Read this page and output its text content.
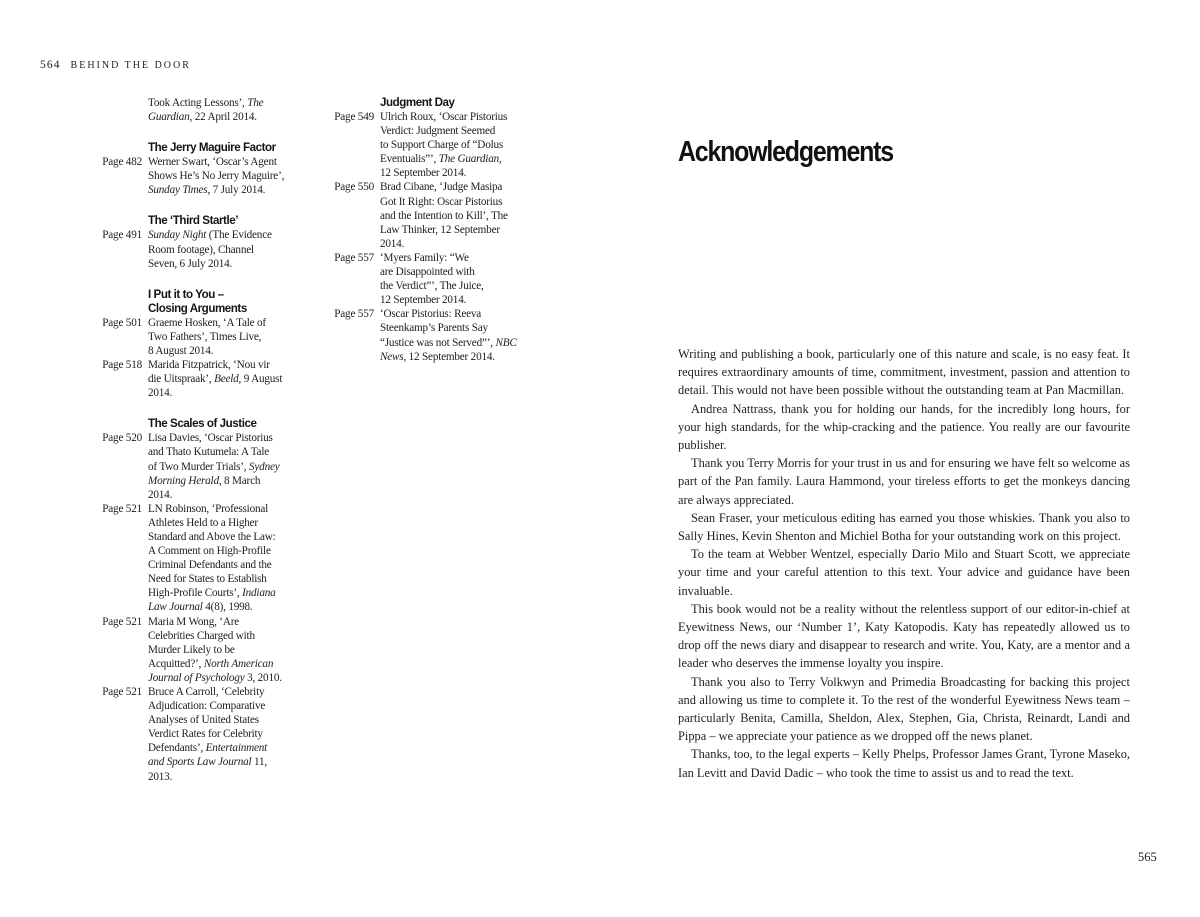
564 BEHIND THE DOOR
Took Acting Lessons’, The
Guardian, 22 April 2014.
The Jerry Maguire Factor
Page 482 Werner Swart, ‘Oscar’s Agent
Shows He’s No Jerry Maguire’,
Sunday Times, 7 July 2014.
The ‘Third Startle’
Page 491 Sunday Night (The Evidence
Room footage), Channel
Seven, 6 July 2014.
I Put it to You –
Closing Arguments
Page 501 Graeme Hosken, ‘A Tale of
Two Fathers’, Times Live,
8 August 2014.
Page 518 Marida Fitzpatrick, ‘Nou vir
die Uitspraak’, Beeld, 9 August
2014.
The Scales of Justice
Page 520 Lisa Davies, ‘Oscar Pistorius
and Thato Kutumela: A Tale
of Two Murder Trials’, Sydney
Morning Herald, 8 March
2014.
Page 521 LN Robinson, ‘Professional
Athletes Held to a Higher
Standard and Above the Law:
A Comment on High-Profile
Criminal Defendants and the
Need for States to Establish
High-Profile Courts’, Indiana
Law Journal 4(8), 1998.
Page 521 Maria M Wong, ‘Are
Celebrities Charged with
Murder Likely to be
Acquitted?’, North American
Journal of Psychology 3, 2010.
Page 521 Bruce A Carroll, ‘Celebrity
Adjudication: Comparative
Analyses of United States
Verdict Rates for Celebrity
Defendants’, Entertainment
and Sports Law Journal 11,
2013.
Judgment Day
Page 549 Ulrich Roux, ‘Oscar Pistorius
Verdict: Judgment Seemed
to Support Charge of “Dolus
Eventualis”’, The Guardian,
12 September 2014.
Page 550 Brad Cibane, ‘Judge Masipa
Got It Right: Oscar Pistorius
and the Intention to Kill’, The
Law Thinker, 12 September
2014.
Page 557 ‘Myers Family: “We
are Disappointed with
the Verdict”’, The Juice,
12 September 2014.
Page 557 ‘Oscar Pistorius: Reeva
Steenkamp’s Parents Say
“Justice was not Served”’, NBC
News, 12 September 2014.
Acknowledgements

Writing and publishing a book, particularly one of this nature and scale, is no easy feat. It requires extraordinary amounts of time, commitment, investment, passion and attention to detail. This would not have been possible without the outstanding team at Pan Macmillan.

Andrea Nattrass, thank you for holding our hands, for the incredibly long hours, for your high standards, for the whip-cracking and the patience. You really are our favourite publisher.

Thank you Terry Morris for your trust in us and for ensuring we have felt so welcome as part of the Pan family. Laura Hammond, your tireless efforts to get the monkeys dancing are always appreciated.

Sean Fraser, your meticulous editing has earned you those whiskies. Thank you also to Sally Hines, Kevin Shenton and Michiel Botha for your outstanding work on this project.

To the team at Webber Wentzel, especially Dario Milo and Stuart Scott, we appreciate your time and your careful attention to this text. Your advice and guidance have been invaluable.

This book would not be a reality without the relentless support of our editor-in-chief at Eyewitness News, our ‘Number 1’, Katy Katopodis. Katy has repeatedly allowed us to drop off the news diary and disappear to research and write. You, Katy, are a mentor and a leader who deserves the immense loyalty you inspire.

Thank you also to Terry Volkwyn and Primedia Broadcasting for backing this project and allowing us time to complete it. To the rest of the wonderful Eyewitness News team – particularly Benita, Camilla, Sheldon, Alex, Stephen, Gia, Christa, Reinardt, Landi and Pippa – we appreciate your patience as we dropped off the news planet.

Thanks, too, to the legal experts – Kelly Phelps, Professor James Grant, Tyrone Maseko, Ian Levitt and David Dadic – who took the time to assist us and to read the text.

565
